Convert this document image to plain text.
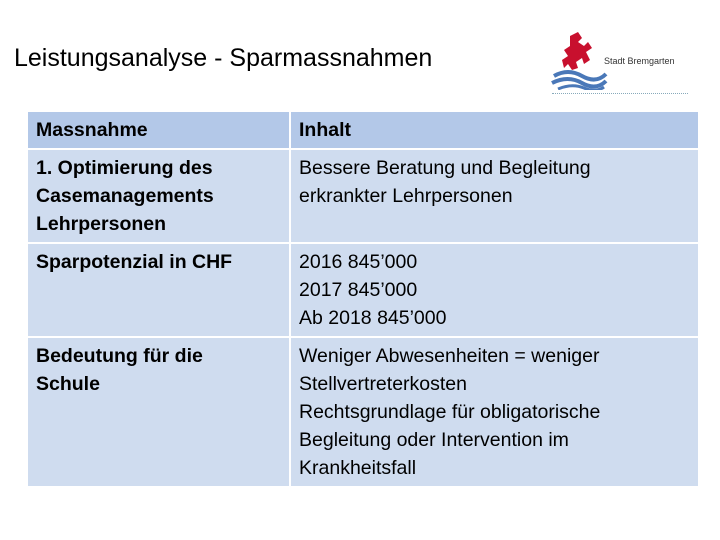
Leistungsanalyse - Sparmassnahmen	Stadt Bremgarten
Massnahme	Inhalt

1. Optimierung des
Casemanagements
Lehrpersonen	Bessere Beratung und Begleitung
erkrankter Lehrpersonen

Sparpotenzial in CHF	2016 845’000
2017 845’000
Ab 2018 845’000

Bedeutung für die
Schule	Weniger Abwesenheiten = weniger
Stellvertreterkosten
Rechtsgrundlage für obligatorische
Begleitung oder Intervention im
Krankheitsfall
